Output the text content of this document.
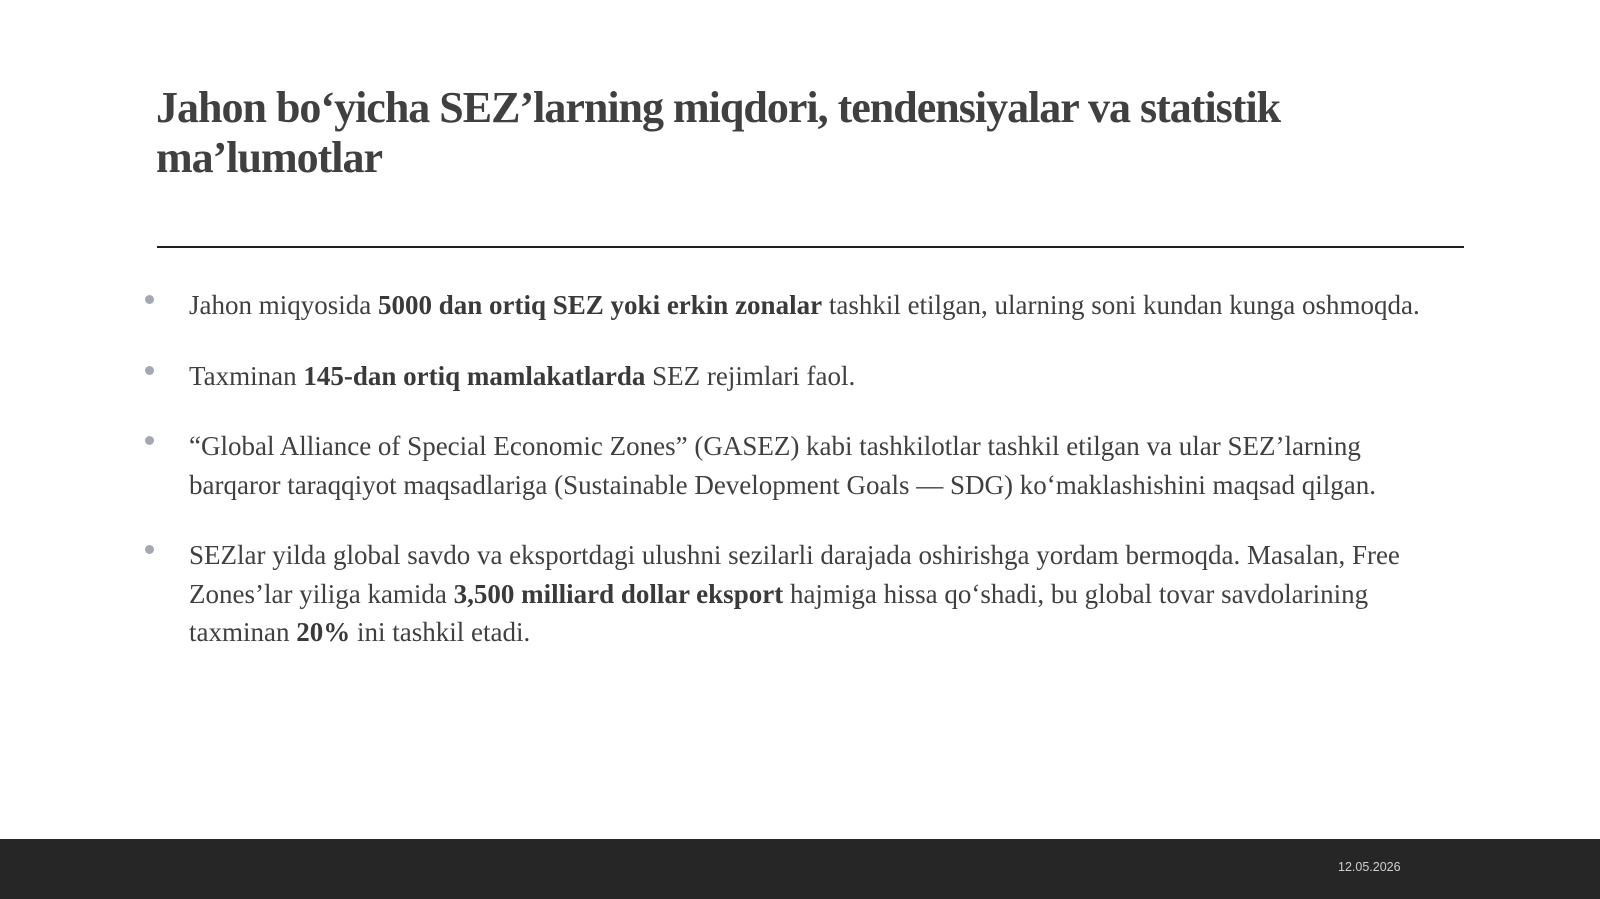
Jahon bo‘yicha SEZ’larning miqdori, tendensiyalar va statistik ma’lumotlar
Jahon miqyosida 5000 dan ortiq SEZ yoki erkin zonalar tashkil etilgan, ularning soni kundan kunga oshmoqda.
Taxminan 145-dan ortiq mamlakatlarda SEZ rejimlari faol.
“Global Alliance of Special Economic Zones” (GASEZ) kabi tashkilotlar tashkil etilgan va ular SEZ’larning barqaror taraqqiyot maqsadlariga (Sustainable Development Goals — SDG) ko‘maklashishini maqsad qilgan.
SEZlar yilda global savdo va eksportdagi ulushni sezilarli darajada oshirishga yordam bermoqda. Masalan, Free Zones’lar yiliga kamida 3,500 milliard dollar eksport hajmiga hissa qo‘shadi, bu global tovar savdolarining taxminan 20% ini tashkil etadi.
12.05.2026
